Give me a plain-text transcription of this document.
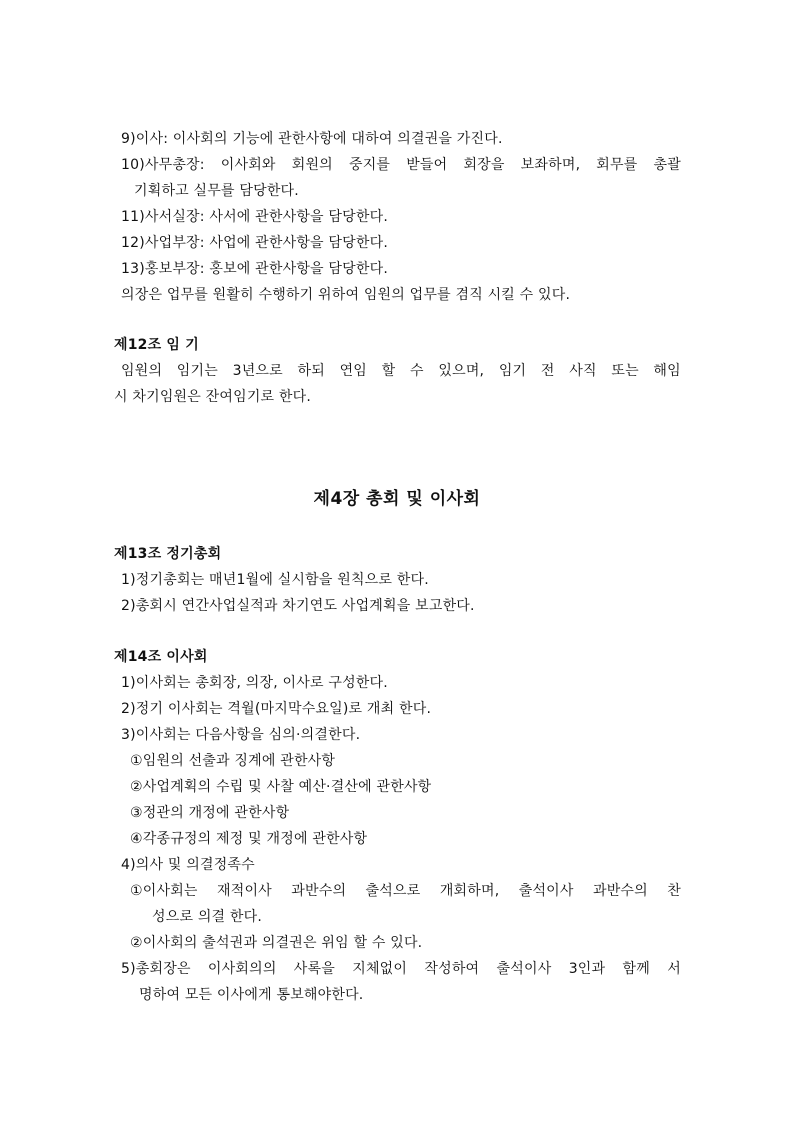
9)이사: 이사회의 기능에 관한사항에 대하여 의결권을 가진다.
10)사무총장: 이사회와 회원의 중지를 받들어 회장을 보좌하며, 회무를 총괄
기획하고 실무를 담당한다.
11)사서실장: 사서에 관한사항을 담당한다.
12)사업부장: 사업에 관한사항을 담당한다.
13)홍보부장: 홍보에 관한사항을 담당한다.
의장은 업무를 원활히 수행하기 위하여 임원의 업무를 겸직 시킬 수 있다.
제12조 임 기
임원의 임기는 3년으로 하되 연임 할 수 있으며, 임기 전 사직 또는 해임
시 차기임원은 잔여임기로 한다.
제4장 총회 및 이사회
제13조 정기총회
1)정기총회는 매년1월에 실시함을 원칙으로 한다.
2)총회시 연간사업실적과 차기연도 사업계획을 보고한다.
제14조 이사회
1)이사회는 총회장, 의장, 이사로 구성한다.
2)정기 이사회는 격월(마지막수요일)로 개최 한다.
3)이사회는 다음사항을 심의·의결한다.
①임원의 선출과 징계에 관한사항
②사업계획의 수립 및 사찰 예산·결산에 관한사항
③정관의 개정에 관한사항
④각종규정의 제정 및 개정에 관한사항
4)의사 및 의결정족수
①이사회는 재적이사 과반수의 출석으로 개회하며, 출석이사 과반수의 찬
성으로 의결 한다.
②이사회의 출석권과 의결권은 위임 할 수 있다.
5)총회장은 이사회의의 사록을 지체없이 작성하여 출석이사 3인과 함께 서
명하여 모든 이사에게 통보해야한다.
